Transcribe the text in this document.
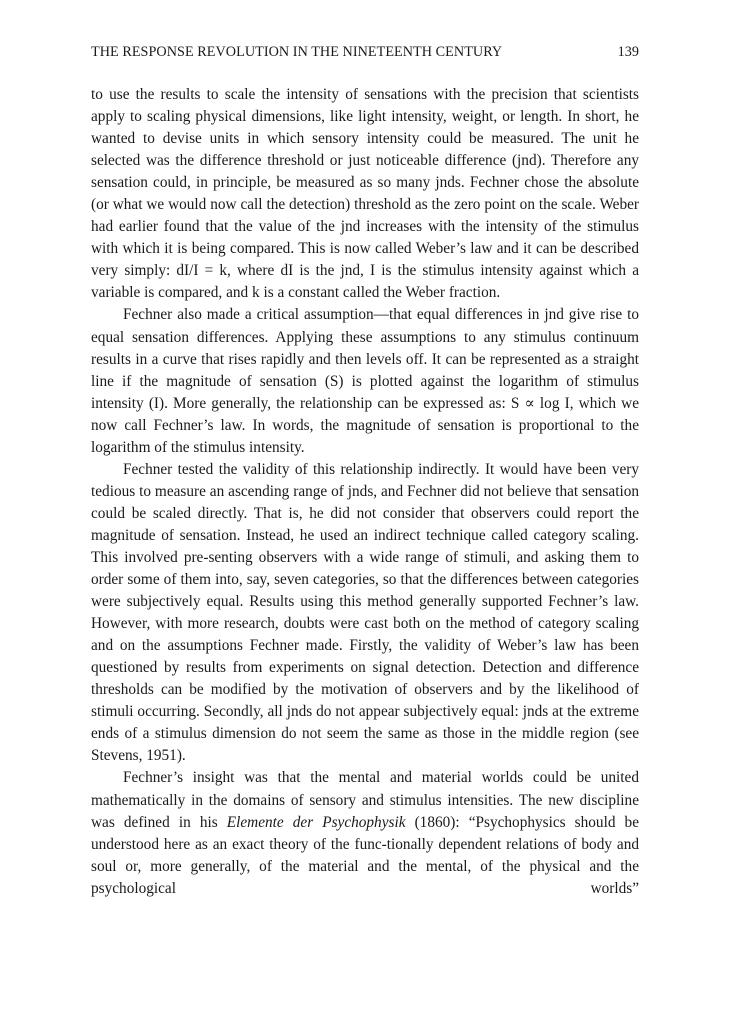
THE RESPONSE REVOLUTION IN THE NINETEENTH CENTURY	139

to use the results to scale the intensity of sensations with the precision that scientists apply to scaling physical dimensions, like light intensity, weight, or length. In short, he wanted to devise units in which sensory intensity could be measured. The unit he selected was the difference threshold or just noticeable difference (jnd). Therefore any sensation could, in principle, be measured as so many jnds. Fechner chose the absolute (or what we would now call the detection) threshold as the zero point on the scale. Weber had earlier found that the value of the jnd increases with the intensity of the stimulus with which it is being compared. This is now called Weber’s law and it can be described very simply: dI/I = k, where dI is the jnd, I is the stimulus intensity against which a variable is compared, and k is a constant called the Weber fraction.

Fechner also made a critical assumption—that equal differences in jnd give rise to equal sensation differences. Applying these assumptions to any stimulus continuum results in a curve that rises rapidly and then levels off. It can be represented as a straight line if the magnitude of sensation (S) is plotted against the logarithm of stimulus intensity (I). More generally, the relationship can be expressed as: S ∝ log I, which we now call Fechner’s law. In words, the magnitude of sensation is proportional to the logarithm of the stimulus intensity.

Fechner tested the validity of this relationship indirectly. It would have been very tedious to measure an ascending range of jnds, and Fechner did not believe that sensation could be scaled directly. That is, he did not consider that observers could report the magnitude of sensation. Instead, he used an indirect technique called category scaling. This involved pre-senting observers with a wide range of stimuli, and asking them to order some of them into, say, seven categories, so that the differences between categories were subjectively equal. Results using this method generally supported Fechner’s law. However, with more research, doubts were cast both on the method of category scaling and on the assumptions Fechner made. Firstly, the validity of Weber’s law has been questioned by results from experiments on signal detection. Detection and difference thresholds can be modified by the motivation of observers and by the likelihood of stimuli occurring. Secondly, all jnds do not appear subjectively equal: jnds at the extreme ends of a stimulus dimension do not seem the same as those in the middle region (see Stevens, 1951).

Fechner’s insight was that the mental and material worlds could be united mathematically in the domains of sensory and stimulus intensities. The new discipline was defined in his Elemente der Psychophysik (1860): “Psychophysics should be understood here as an exact theory of the func-tionally dependent relations of body and soul or, more generally, of the material and the mental, of the physical and the psychological worlds”
